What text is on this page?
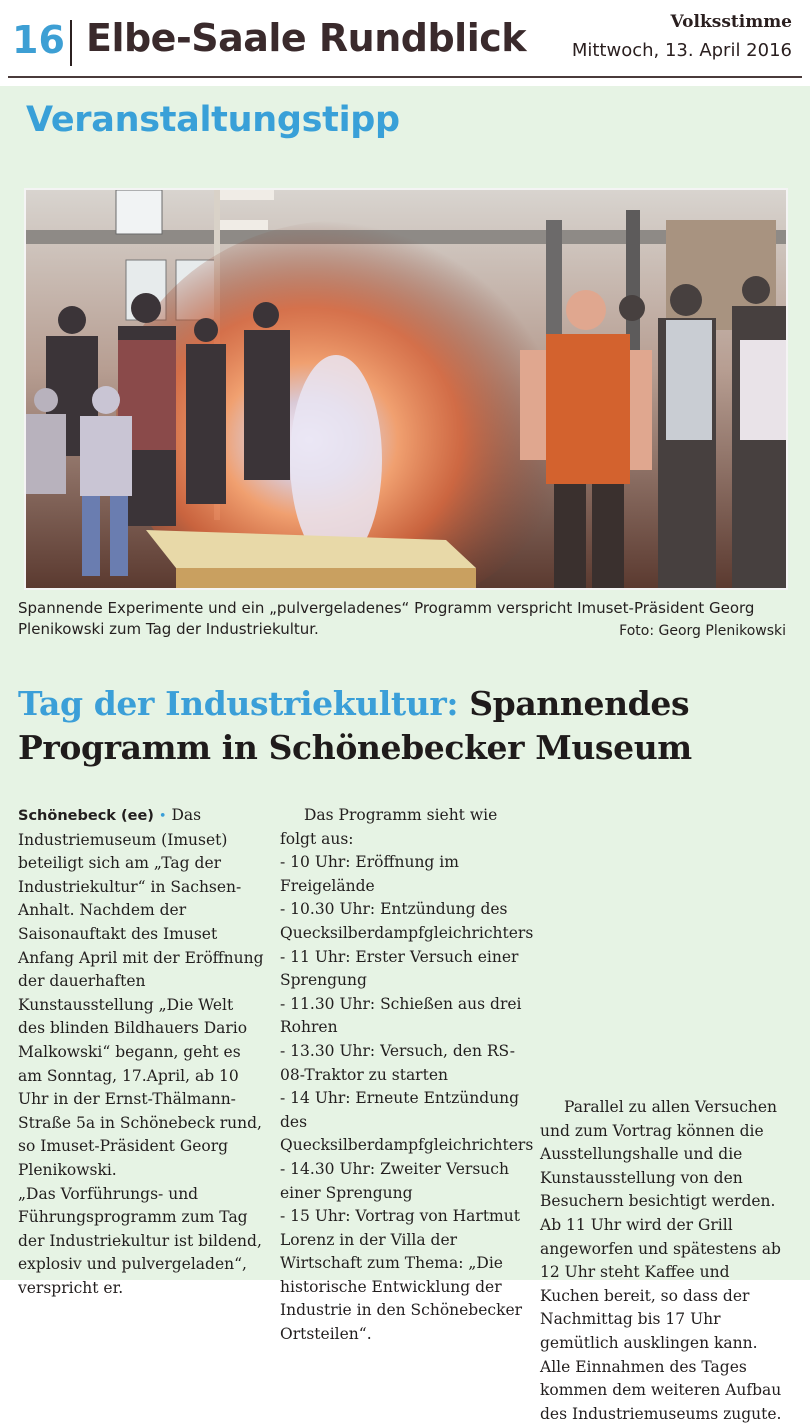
16 Elbe-Saale Rundblick	Volksstimme
Mittwoch, 13. April 2016
Veranstaltungstipp
Spannende Experimente und ein „pulvergeladenes“ Programm verspricht Imuset-Präsident Georg
Plenikowski zum Tag der Industriekultur.	Foto: Georg Plenikowski
Tag der Industriekultur: Spannendes
Programm in Schönebecker Museum

Schönebeck (ee) • Das Industriemuseum (Imuset) beteiligt sich am „Tag der Industriekultur“ in Sachsen-Anhalt. Nachdem der Saisonauftakt des Imuset Anfang April mit der Eröffnung der dauerhaften Kunstausstellung „Die Welt des blinden Bildhauers Dario Malkowski“ begann, geht es am Sonntag, 17.April, ab 10 Uhr in der Ernst-Thälmann-Straße 5a in Schönebeck rund, so Imuset-Präsident Georg Plenikowski.

„Das Vorführungs- und Führungsprogramm zum Tag der Industriekultur ist bildend, explosiv und pulvergeladen“, verspricht er.

Das Programm sieht wie folgt aus:

- 10 Uhr: Eröffnung im Freigelände

- 10.30 Uhr: Entzündung des Quecksilberdampfgleichrichters

- 11 Uhr: Erster Versuch einer Sprengung

- 11.30 Uhr: Schießen aus drei Rohren

- 13.30 Uhr: Versuch, den RS-08-Traktor zu starten

- 14 Uhr: Erneute Entzündung des Quecksilberdampfgleichrichters

- 14.30 Uhr: Zweiter Versuch einer Sprengung

- 15 Uhr: Vortrag von Hartmut Lorenz in der Villa der Wirtschaft zum Thema: „Die historische Entwicklung der Industrie in den Schönebecker Ortsteilen“.

Parallel zu allen Versuchen und zum Vortrag können die Ausstellungshalle und die Kunstausstellung von den Besuchern besichtigt werden.

Ab 11 Uhr wird der Grill angeworfen und spätestens ab 12 Uhr steht Kaffee und Kuchen bereit, so dass der Nachmittag bis 17 Uhr gemütlich ausklingen kann.

Alle Einnahmen des Tages kommen dem weiteren Aufbau des Industriemuseums zugute.
